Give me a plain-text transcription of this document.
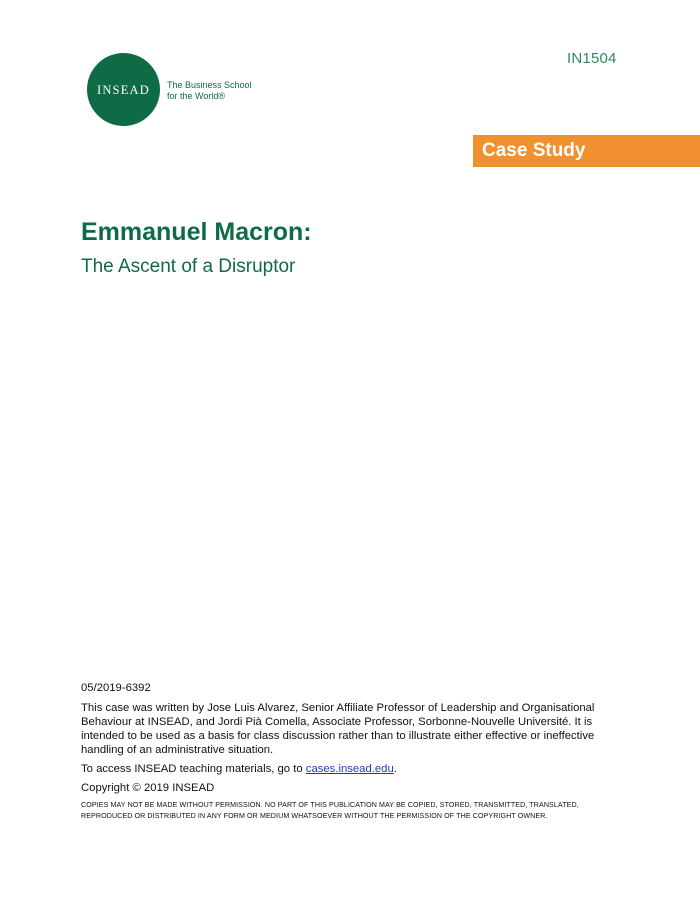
IN1504
INSEAD The Business School
for the World®
Case Study
Emmanuel Macron:
The Ascent of a Disruptor

05/2019-6392

This case was written by Jose Luis Alvarez, Senior Affiliate Professor of Leadership and Organisational Behaviour at INSEAD, and Jordi Pià Comella, Associate Professor, Sorbonne-Nouvelle Université. It is intended to be used as a basis for class discussion rather than to illustrate either effective or ineffective handling of an administrative situation.

To access INSEAD teaching materials, go to cases.insead.edu.

Copyright © 2019 INSEAD

COPIES MAY NOT BE MADE WITHOUT PERMISSION. NO PART OF THIS PUBLICATION MAY BE COPIED, STORED, TRANSMITTED, TRANSLATED, REPRODUCED OR DISTRIBUTED IN ANY FORM OR MEDIUM WHATSOEVER WITHOUT THE PERMISSION OF THE COPYRIGHT OWNER.
